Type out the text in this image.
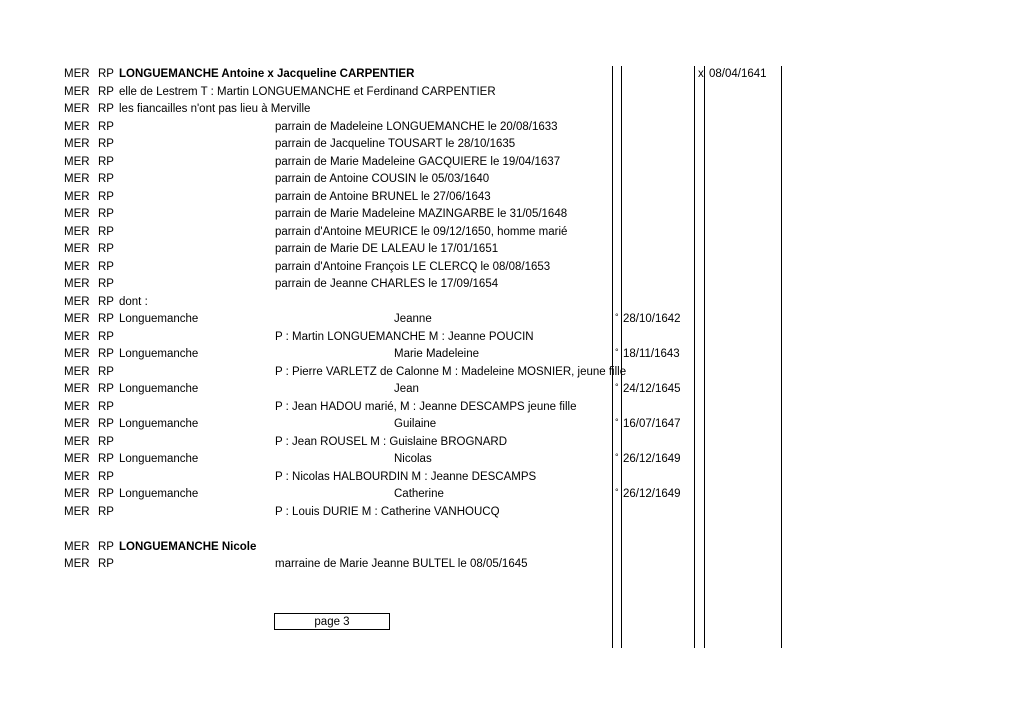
MER RP LONGUEMANCHE Antoine x Jacqueline CARPENTIER	x 08/04/1641
MER RP elle de Lestrem T : Martin LONGUEMANCHE et Ferdinand CARPENTIER
MER RP les fiancailles n'ont pas lieu à Merville
MER RP	parrain de Madeleine LONGUEMANCHE le 20/08/1633
MER RP	parrain de Jacqueline TOUSART le 28/10/1635
MER RP	parrain de Marie Madeleine GACQUIERE le 19/04/1637
MER RP	parrain de Antoine COUSIN le 05/03/1640
MER RP	parrain de Antoine BRUNEL le 27/06/1643
MER RP	parrain de Marie Madeleine MAZINGARBE le 31/05/1648
MER RP	parrain d'Antoine MEURICE le 09/12/1650, homme marié
MER RP	parrain de Marie DE LALEAU le 17/01/1651
MER RP	parrain d'Antoine François LE CLERCQ le 08/08/1653
MER RP	parrain de Jeanne CHARLES le 17/09/1654
MER RP dont :
MER RP Longuemanche	Jeanne	° 28/10/1642
MER RP	P : Martin LONGUEMANCHE M : Jeanne POUCIN
MER RP Longuemanche	Marie Madeleine	° 18/11/1643
MER RP	P : Pierre VARLETZ de Calonne M : Madeleine MOSNIER, jeune fille
MER RP Longuemanche	Jean	° 24/12/1645
MER RP	P : Jean HADOU marié, M : Jeanne DESCAMPS jeune fille
MER RP Longuemanche	Guilaine	° 16/07/1647
MER RP	P : Jean ROUSEL M : Guislaine BROGNARD
MER RP Longuemanche	Nicolas	° 26/12/1649
MER RP	P : Nicolas HALBOURDIN M : Jeanne DESCAMPS
MER RP Longuemanche	Catherine	° 26/12/1649
MER RP	P : Louis DURIE M : Catherine VANHOUCQ
MER RP LONGUEMANCHE Nicole
MER RP	marraine de Marie Jeanne BULTEL le 08/05/1645
page 3
